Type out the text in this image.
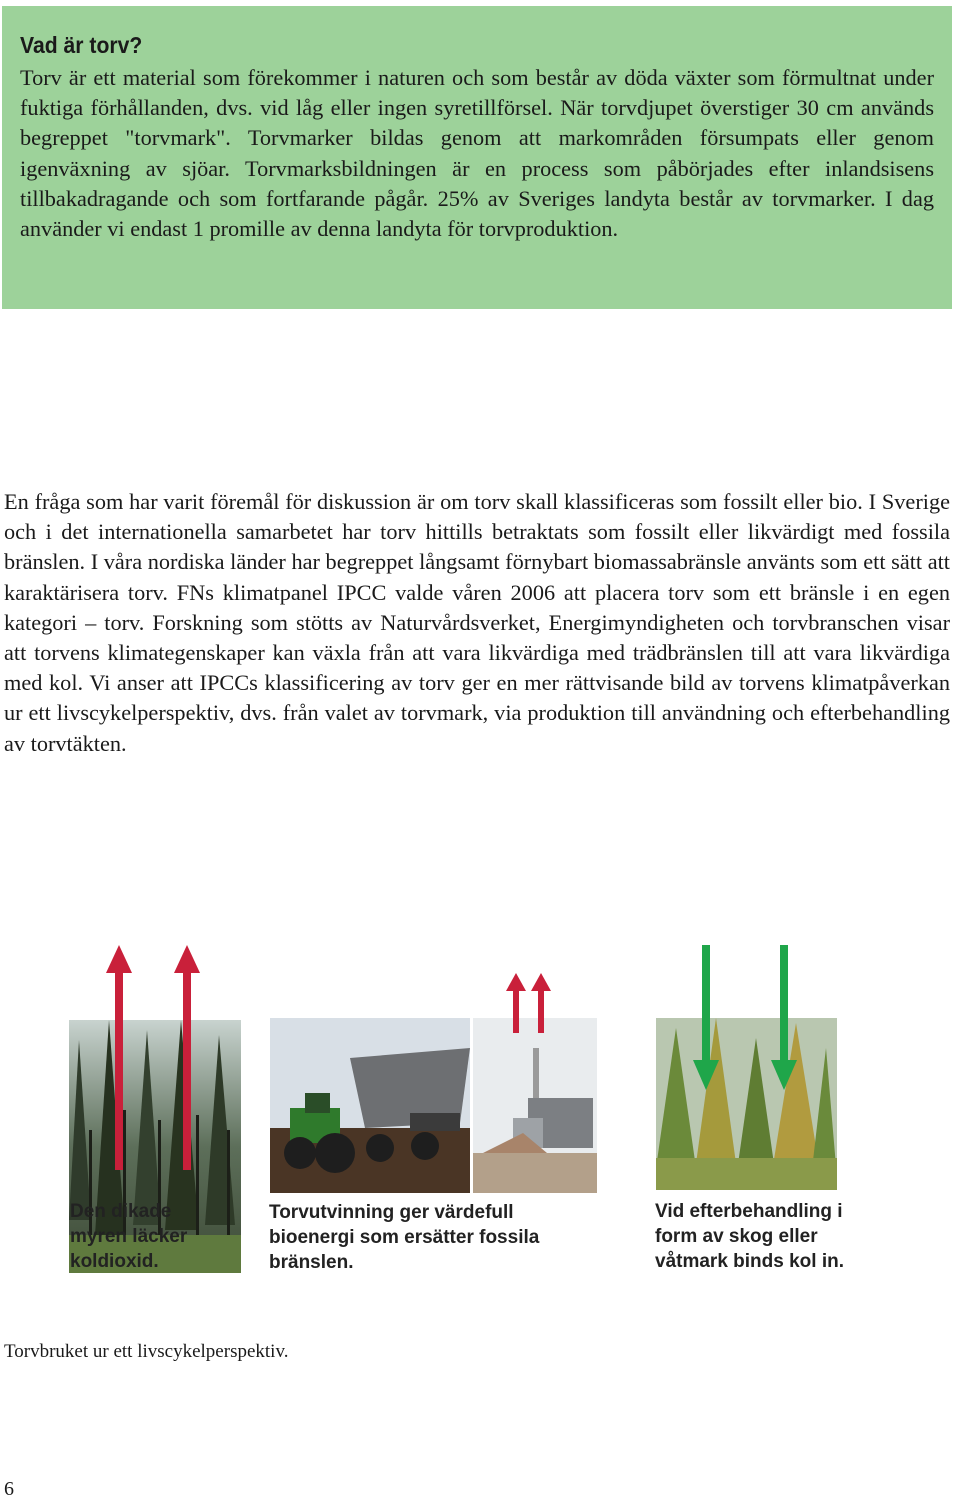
Vad är torv?

Torv är ett material som förekommer i naturen och som består av döda växter som förmultnat under fuktiga förhållanden, dvs. vid låg eller ingen syretillförsel. När torvdjupet överstiger 30 cm används begreppet "torvmark". Torvmarker bildas genom att markområden försumpats eller genom igenväxning av sjöar. Torvmarksbildningen är en process som påbörjades efter inlandsisens tillbakadragande och som fortfarande pågår. 25% av Sveriges landyta består av torvmarker. I dag använder vi endast 1 promille av denna landyta för torvproduktion.

En fråga som har varit föremål för diskussion är om torv skall klassificeras som fossilt eller bio. I Sverige och i det internationella samarbetet har torv hittills betraktats som fossilt eller likvärdigt med fossila bränslen. I våra nordiska länder har begreppet långsamt förnybart biomassabränsle använts som ett sätt att karaktärisera torv. FNs klimatpanel IPCC valde våren 2006 att placera torv som ett bränsle i en egen kategori – torv. Forskning som stötts av Naturvårdsverket, Energimyndigheten och torvbranschen visar att torvens klimategenskaper kan växla från att vara likvärdiga med trädbränslen till att vara likvärdiga med kol. Vi anser att IPCCs klassificering av torv ger en mer rättvisande bild av torvens klimatpåverkan ur ett livscykelperspektiv, dvs. från valet av torvmark, via produktion till användning och efterbehandling av torvtäkten.

Den dikade
myren läcker
koldioxid.

Torvutvinning ger värdefull
bioenergi som ersätter fossila
bränslen.

Vid efterbehandling i
form av skog eller
våtmark binds kol in.

Torvbruket ur ett livscykelperspektiv.

6
